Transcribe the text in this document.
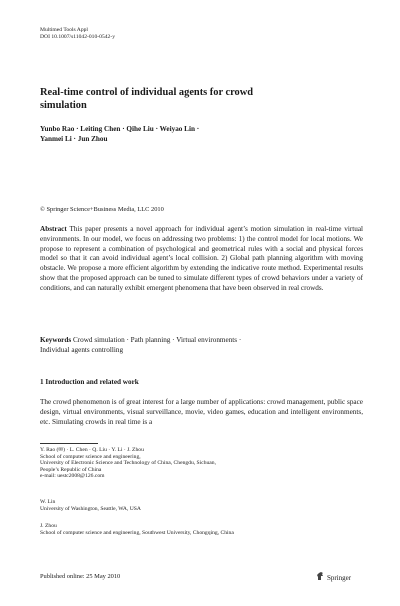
Multimed Tools Appl
DOI 10.1007/s11042-010-0542-y
Real-time control of individual agents for crowd
simulation
Yunbo Rao · Leiting Chen · Qihe Liu · Weiyao Lin ·
Yanmei Li · Jun Zhou
© Springer Science+Business Media, LLC 2010
Abstract This paper presents a novel approach for individual agent’s motion simulation in real-time virtual environments. In our model, we focus on addressing two problems: 1) the control model for local motions. We propose to represent a combination of psychological and geometrical rules with a social and physical forces model so that it can avoid individual agent’s local collision. 2) Global path planning algorithm with moving obstacle. We propose a more efficient algorithm by extending the indicative route method. Experimental results show that the proposed approach can be tuned to simulate different types of crowd behaviors under a variety of conditions, and can naturally exhibit emergent phenomena that have been observed in real crowds.
Keywords Crowd simulation · Path planning · Virtual environments ·
Individual agents controlling
1 Introduction and related work
The crowd phenomenon is of great interest for a large number of applications: crowd management, public space design, virtual environments, visual surveillance, movie, video games, education and intelligent environments, etc. Simulating crowds in real time is a
Y. Rao (✉) · L. Chen · Q. Liu · Y. Li · J. Zhou
School of computer science and engineering,
University of Electronic Science and Technology of China, Chengdu, Sichuan,
People’s Republic of China
e-mail: uestc2008@126.com
W. Lin
University of Washington, Seattle, WA, USA
J. Zhou
School of computer science and engineering, Southwest University, Chongqing, China
Published online: 25 May 2010	Springer
